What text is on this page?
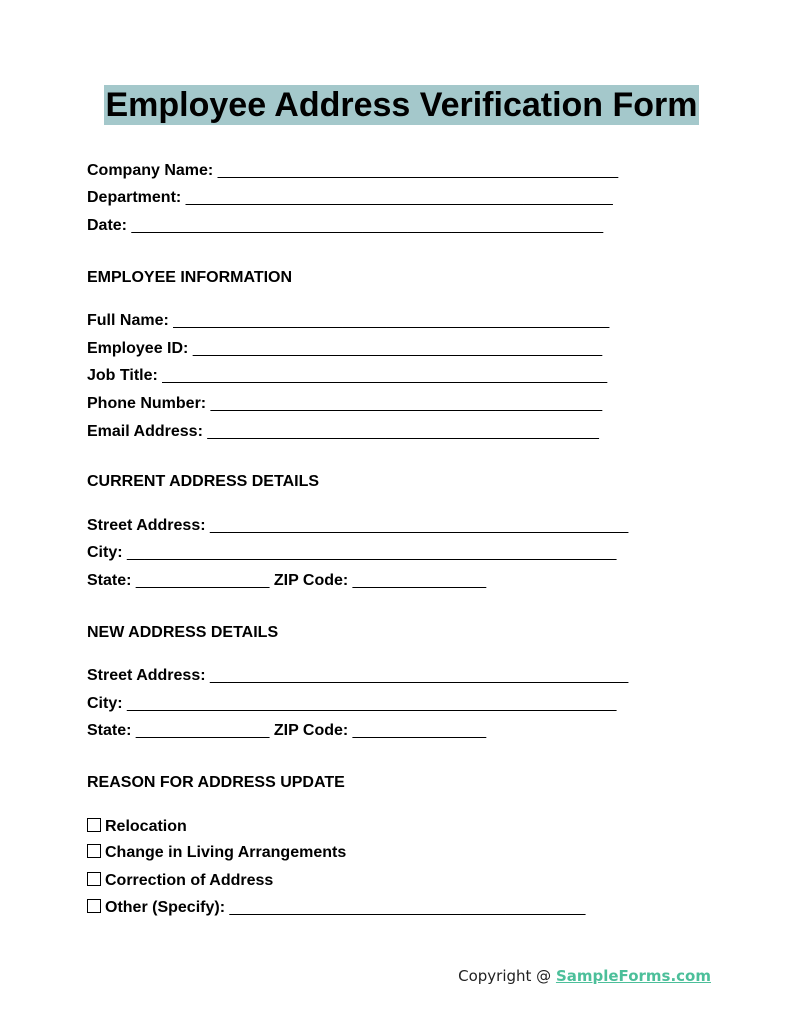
Employee Address Verification Form
Company Name: _____________________________________________
Department: ________________________________________________
Date: _____________________________________________________
EMPLOYEE INFORMATION
Full Name: _________________________________________________
Employee ID: ______________________________________________
Job Title: __________________________________________________
Phone Number: ____________________________________________
Email Address: ____________________________________________
CURRENT ADDRESS DETAILS
Street Address: _______________________________________________
City: _______________________________________________________
State: _______________ ZIP Code: _______________
NEW ADDRESS DETAILS
Street Address: _______________________________________________
City: _______________________________________________________
State: _______________ ZIP Code: _______________
REASON FOR ADDRESS UPDATE
Relocation
Change in Living Arrangements
Correction of Address
Other (Specify): ________________________________________
Copyright @ SampleForms.com
